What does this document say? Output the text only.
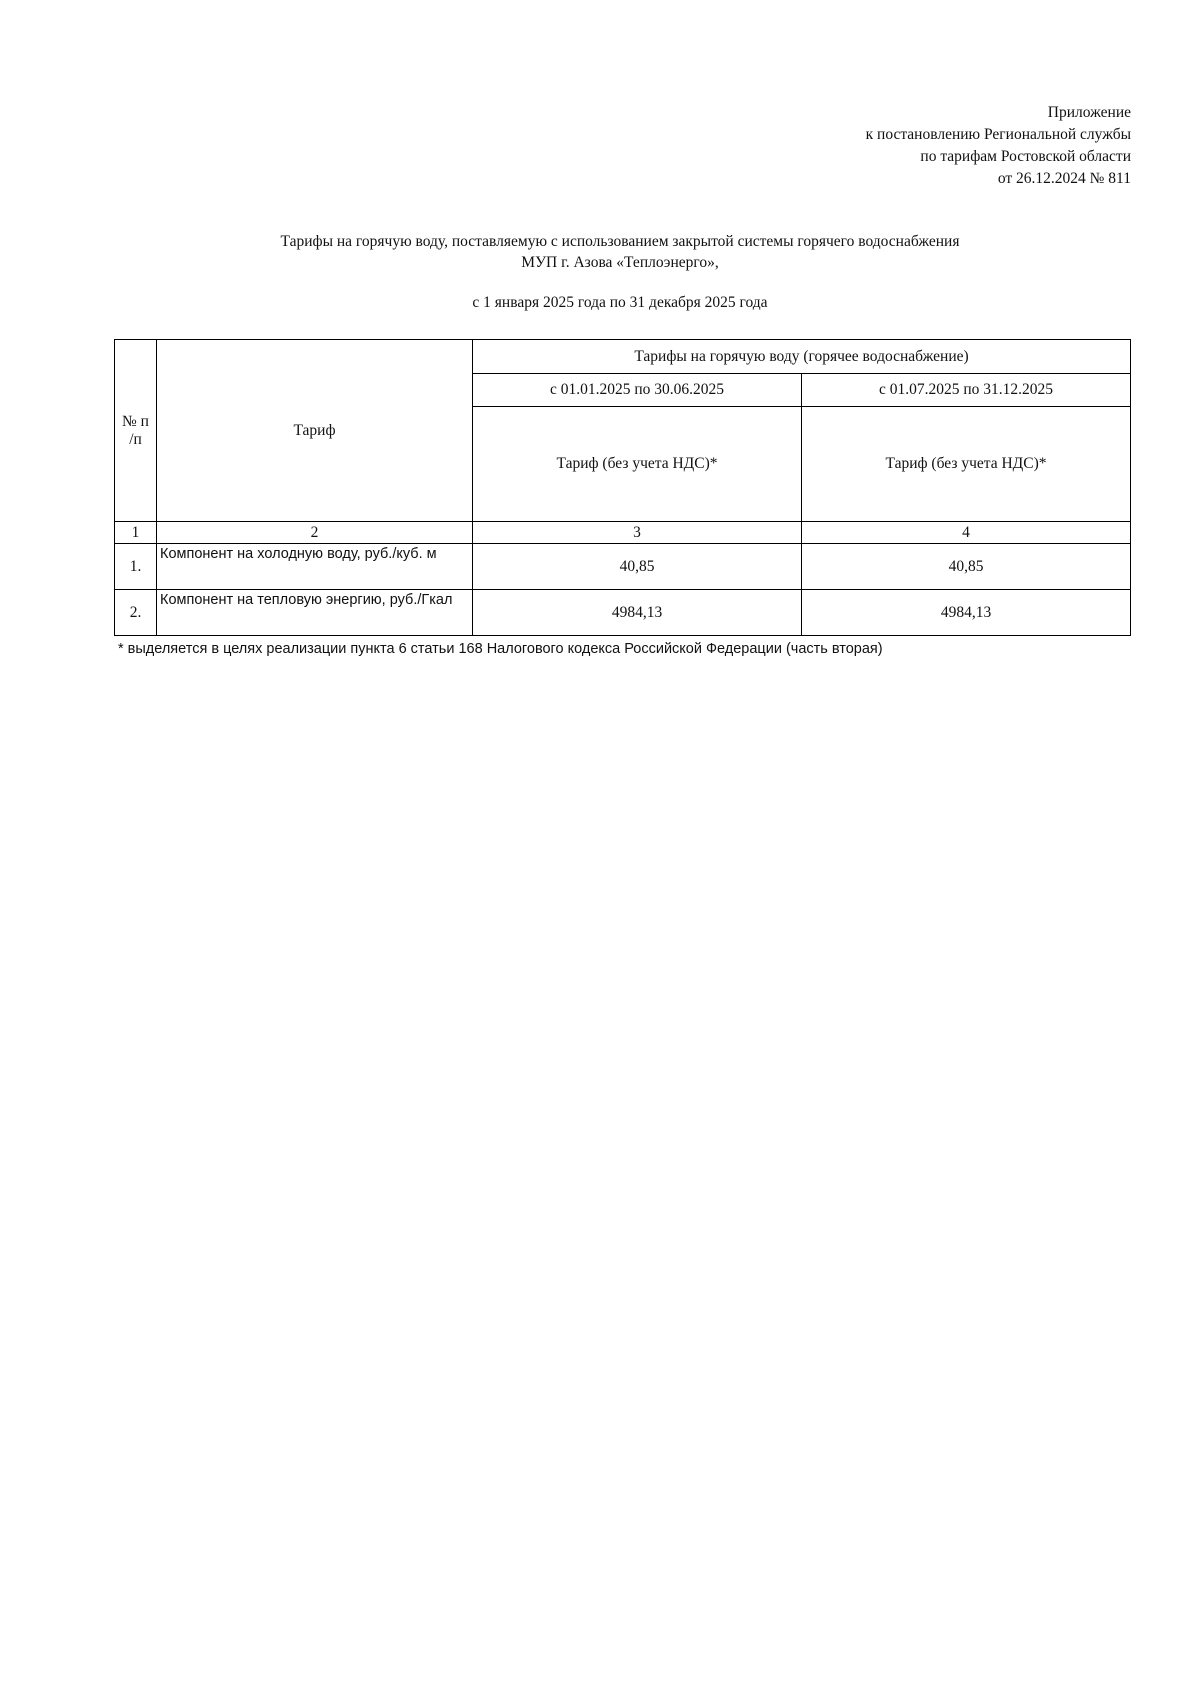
Приложение
к постановлению Региональной службы
по тарифам Ростовской области
от 26.12.2024 № 811
Тарифы на горячую воду, поставляемую с использованием закрытой системы горячего водоснабжения
МУП г. Азова «Теплоэнерго»,
с 1 января 2025 года по 31 декабря 2025 года
№ п /п	Тариф	Тарифы на горячую воду (горячее водоснабжение)	
		с 01.01.2025 по 30.06.2025	с 01.07.2025 по 31.12.2025
		Тариф (без учета НДС)*	Тариф (без учета НДС)*
1	2	3	4
1.	Компонент на холодную воду, руб./куб. м	40,85	40,85
2.	Компонент на тепловую энергию, руб./Гкал	4984,13	4984,13
* выделяется в целях реализации пункта 6 статьи 168 Налогового кодекса Российской Федерации (часть вторая)
